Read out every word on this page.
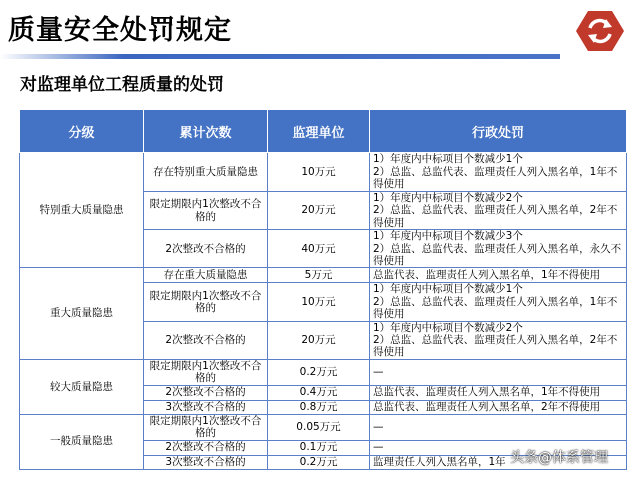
质量安全处罚规定
对监理单位工程质量的处罚
分级	累计次数	监理单位	行政处罚
特别重大质量隐患	存在特别重大质量隐患	10万元	1）年度内中标项目个数减少1个
2）总监、总监代表、监理责任人列入黑名单，1年不得使用
	限定期限内1次整改不合格的	20万元	1）年度内中标项目个数减少2个
2）总监、总监代表、监理责任人列入黑名单，2年不得使用
	2次整改不合格的	40万元	1）年度内中标项目个数减少3个
2）总监、总监代表、监理责任人列入黑名单，永久不得使用
重大质量隐患	存在重大质量隐患	5万元	总监代表、监理责任人列入黑名单，1年不得使用
	限定期限内1次整改不合格的	10万元	1）年度内中标项目个数减少1个
2）总监、总监代表、监理责任人列入黑名单，1年不得使用
	2次整改不合格的	20万元	1）年度内中标项目个数减少2个
2）总监、总监代表、监理责任人列入黑名单，2年不得使用
较大质量隐患	限定期限内1次整改不合格的	0.2万元	—
	2次整改不合格的	0.4万元	总监代表、监理责任人列入黑名单，1年不得使用
	3次整改不合格的	0.8万元	总监代表、监理责任人列入黑名单，2年不得使用
一般质量隐患	限定期限内1次整改不合格的	0.05万元	—
	2次整改不合格的	0.1万元	—
	3次整改不合格的	0.2万元	监理责任人列入黑名单，1年 头条@体系管理
